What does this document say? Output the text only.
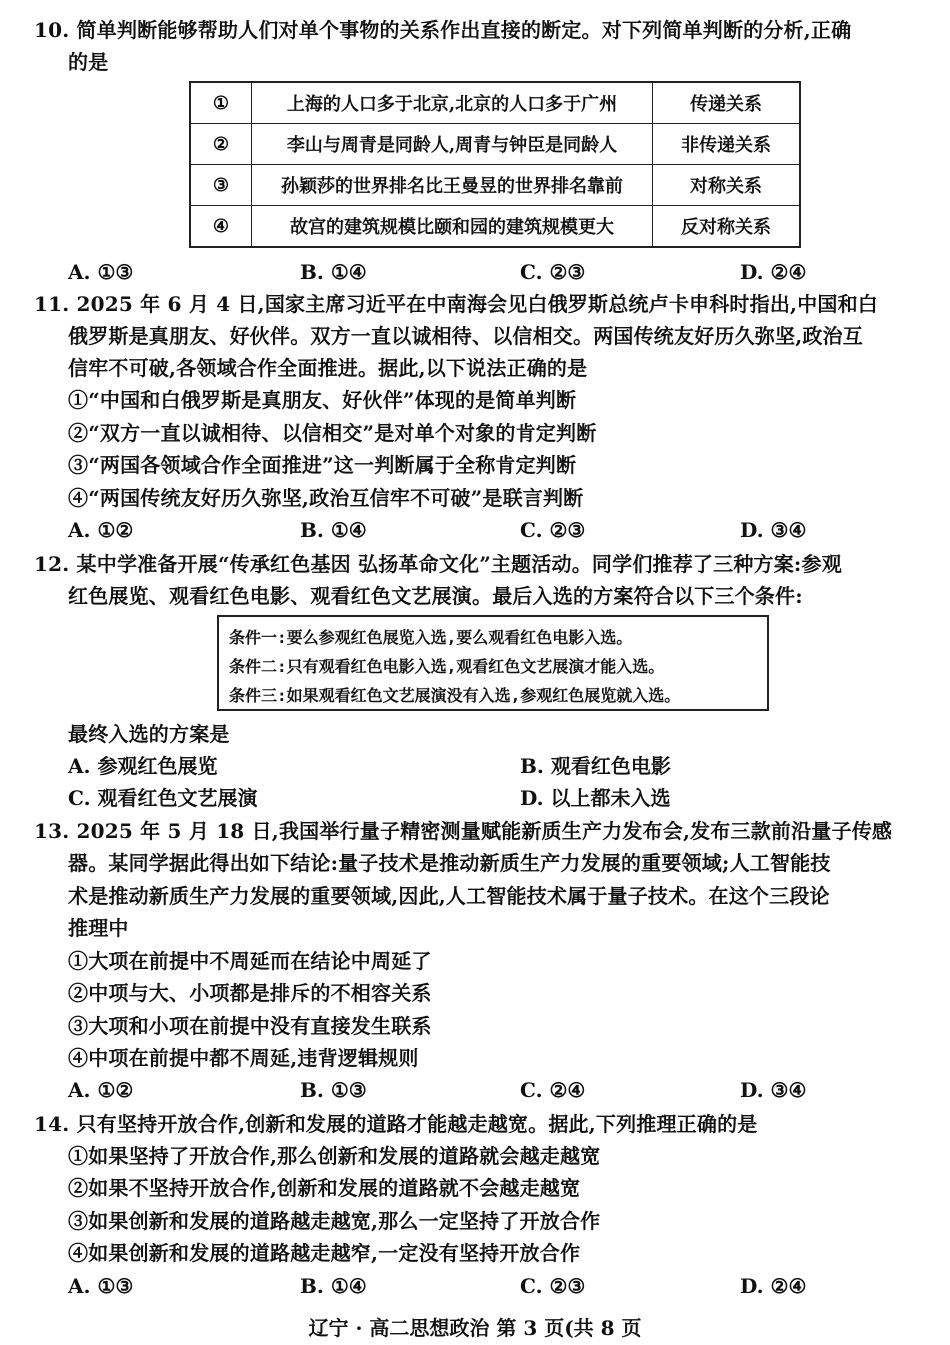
10. 简单判断能够帮助人们对单个事物的关系作出直接的断定。对下列简单判断的分析,正确
的是
①	上海的人口多于北京,北京的人口多于广州	传递关系
②	李山与周青是同龄人,周青与钟臣是同龄人	非传递关系
③	孙颖莎的世界排名比王曼昱的世界排名靠前	对称关系
④	故宫的建筑规模比颐和园的建筑规模更大	反对称关系
A. ①③	B. ①④	C. ②③	D. ②④
11. 2025 年 6 月 4 日,国家主席习近平在中南海会见白俄罗斯总统卢卡申科时指出,中国和白
俄罗斯是真朋友、好伙伴。双方一直以诚相待、以信相交。两国传统友好历久弥坚,政治互
信牢不可破,各领域合作全面推进。据此,以下说法正确的是
①“中国和白俄罗斯是真朋友、好伙伴”体现的是简单判断
②“双方一直以诚相待、以信相交”是对单个对象的肯定判断
③“两国各领域合作全面推进”这一判断属于全称肯定判断
④“两国传统友好历久弥坚,政治互信牢不可破”是联言判断
A. ①②	B. ①④	C. ②③	D. ③④
12. 某中学准备开展“传承红色基因 弘扬革命文化”主题活动。同学们推荐了三种方案:参观
红色展览、观看红色电影、观看红色文艺展演。最后入选的方案符合以下三个条件:
条件一:要么参观红色展览入选,要么观看红色电影入选。
条件二:只有观看红色电影入选,观看红色文艺展演才能入选。
条件三:如果观看红色文艺展演没有入选,参观红色展览就入选。
最终入选的方案是
A. 参观红色展览	B. 观看红色电影
C. 观看红色文艺展演	D. 以上都未入选
13. 2025 年 5 月 18 日,我国举行量子精密测量赋能新质生产力发布会,发布三款前沿量子传感
器。某同学据此得出如下结论:量子技术是推动新质生产力发展的重要领域;人工智能技
术是推动新质生产力发展的重要领域,因此,人工智能技术属于量子技术。在这个三段论
推理中
①大项在前提中不周延而在结论中周延了
②中项与大、小项都是排斥的不相容关系
③大项和小项在前提中没有直接发生联系
④中项在前提中都不周延,违背逻辑规则
A. ①②	B. ①③	C. ②④	D. ③④
14. 只有坚持开放合作,创新和发展的道路才能越走越宽。据此,下列推理正确的是
①如果坚持了开放合作,那么创新和发展的道路就会越走越宽
②如果不坚持开放合作,创新和发展的道路就不会越走越宽
③如果创新和发展的道路越走越宽,那么一定坚持了开放合作
④如果创新和发展的道路越走越窄,一定没有坚持开放合作
A. ①③	B. ①④	C. ②③	D. ②④
辽宁 · 高二思想政治 第 3 页(共 8 页
